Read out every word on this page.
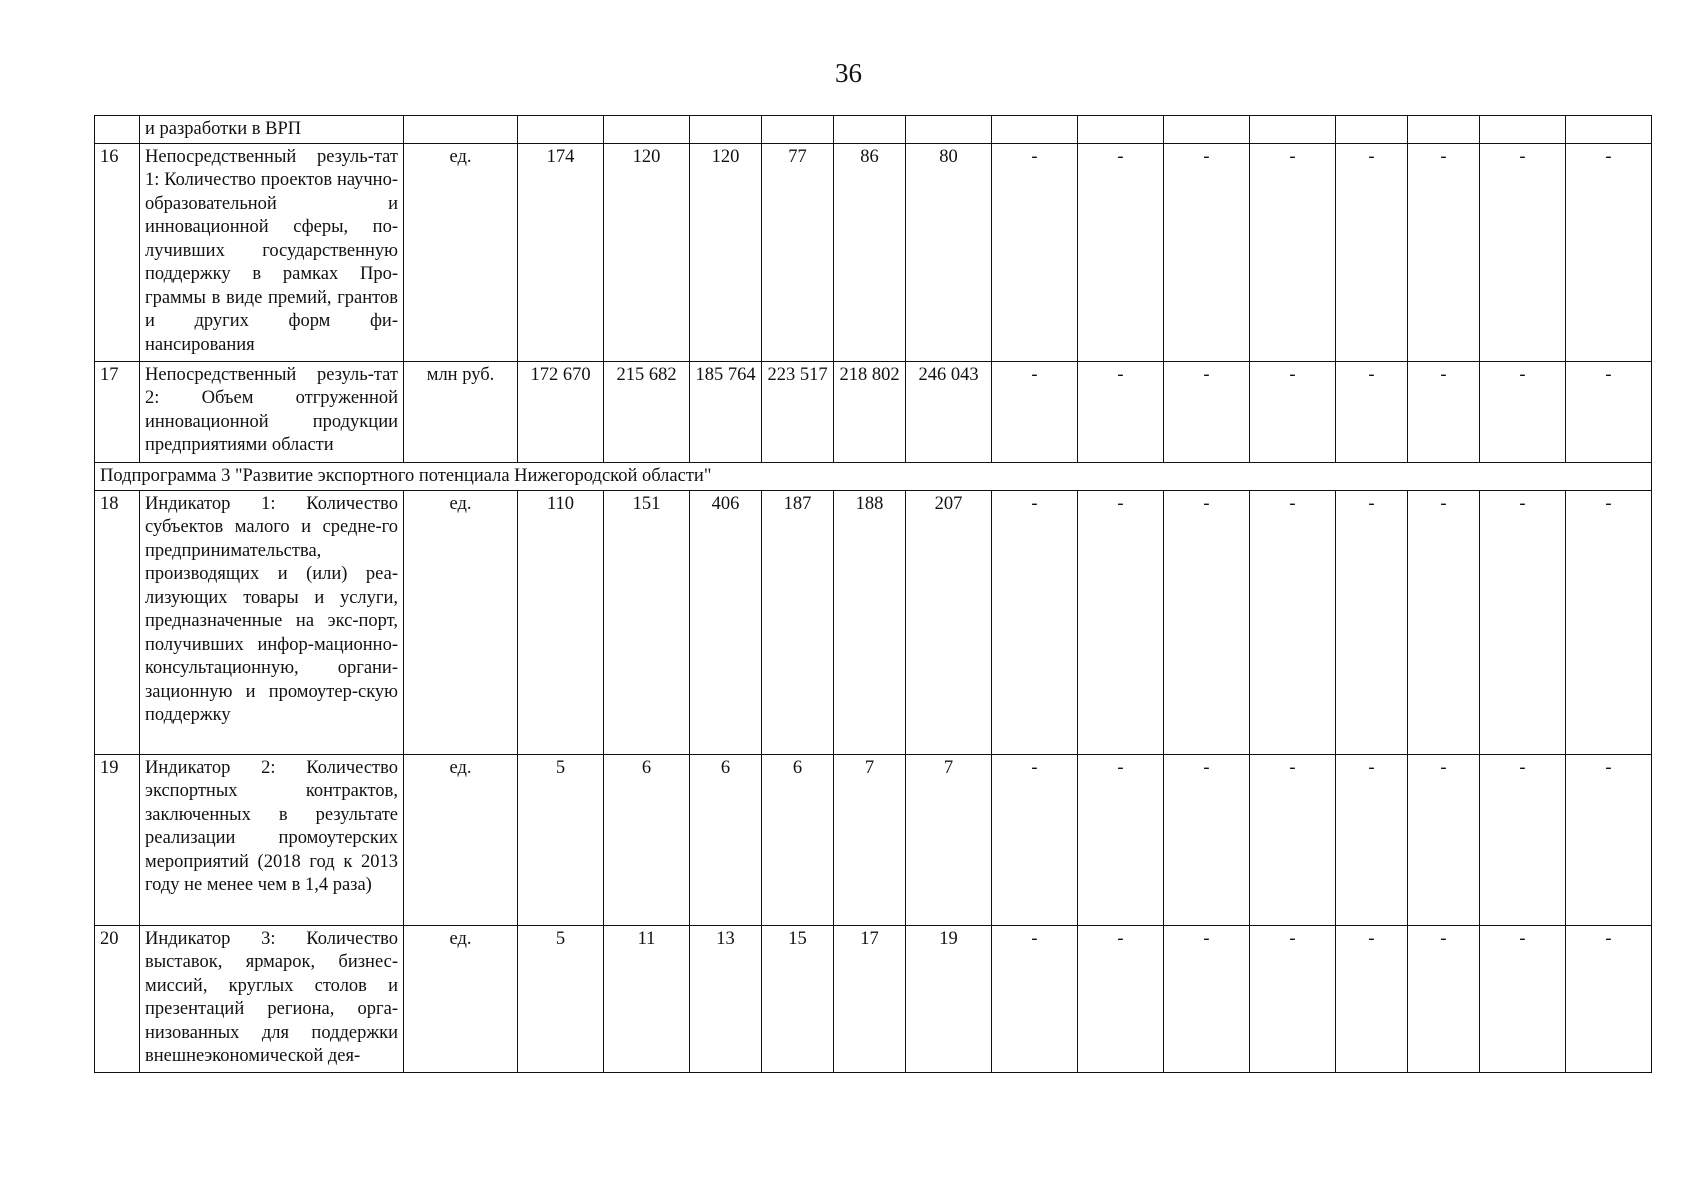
36
	и разработки в ВРП															
16	Непосредственный резуль-тат 1: Количество проектов научно-образовательной и инновационной сферы, по-лучивших государственную поддержку в рамках Про-граммы в виде премий, грантов и других форм фи-нансирования	ед.	174	120	120	77	86	80	-	-	-	-	-	-	-	-
17	Непосредственный резуль-тат 2: Объем отгруженной инновационной продукции предприятиями области	млн руб.	172 670	215 682	185 764	223 517	218 802	246 043	-	-	-	-	-	-	-	-
Подпрограмма 3 "Развитие экспортного потенциала Нижегородской области"																
18	Индикатор 1: Количество субъектов малого и средне-го предпринимательства, производящих и (или) реа-лизующих товары и услуги, предназначенные на экс-порт, получивших инфор-мационно-консультационную, органи-зационную и промоутер-скую поддержку	ед.	110	151	406	187	188	207	-	-	-	-	-	-	-	-
19	Индикатор 2: Количество экспортных контрактов, заключенных в результате реализации промоутерских мероприятий (2018 год к 2013 году не менее чем в 1,4 раза)	ед.	5	6	6	6	7	7	-	-	-	-	-	-	-	-
20	Индикатор 3: Количество выставок, ярмарок, бизнес-миссий, круглых столов и презентаций региона, орга-низованных для поддержки внешнеэкономической дея-	ед.	5	11	13	15	17	19	-	-	-	-	-	-	-	-
